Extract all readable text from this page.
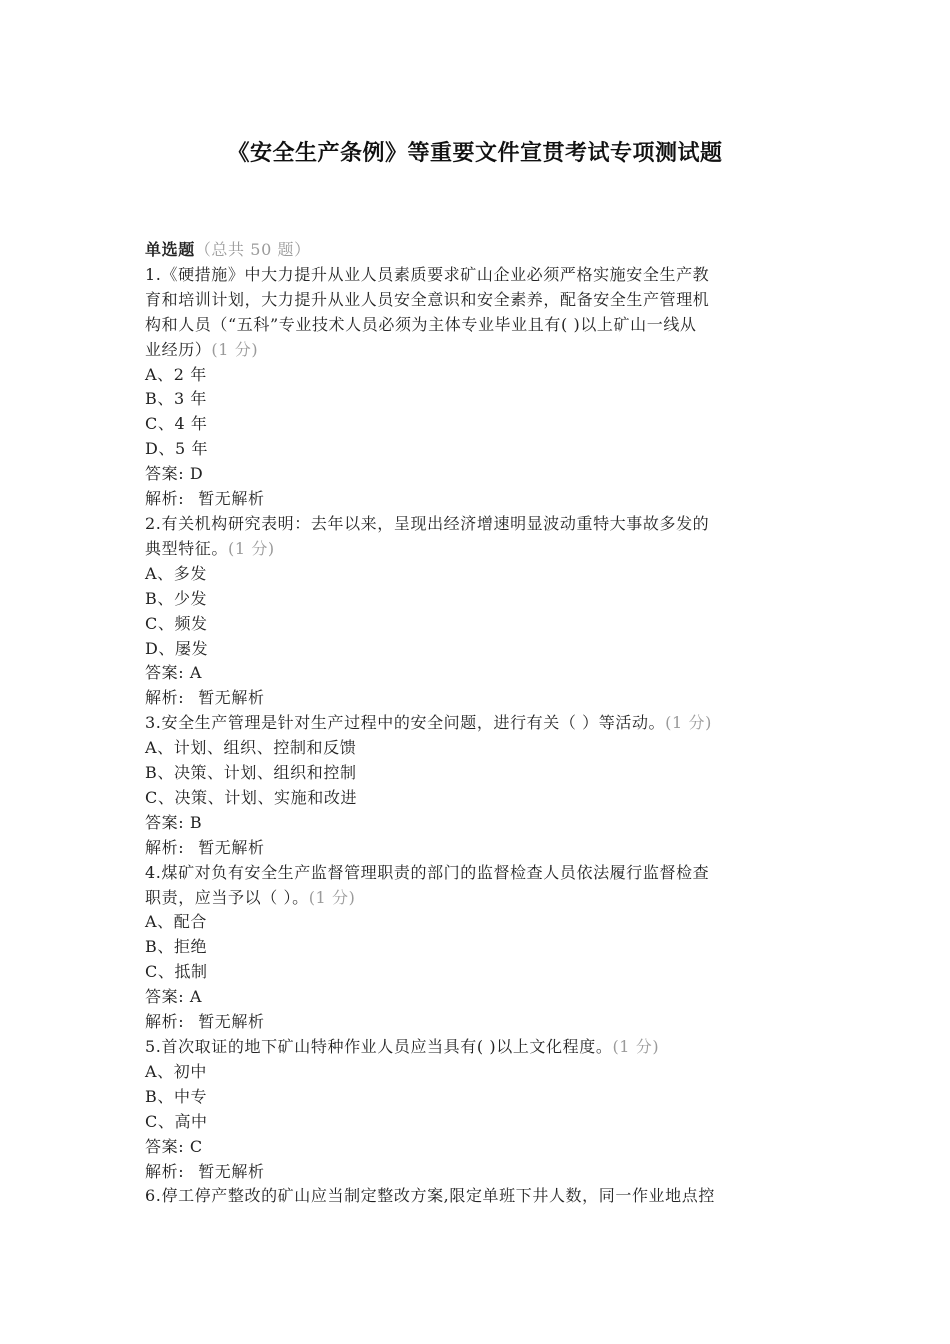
《安全生产条例》等重要文件宣贯考试专项测试题
单选题（总共 50 题）
1.《硬措施》中大力提升从业人员素质要求矿山企业必须严格实施安全生产教
育和培训计划，大力提升从业人员安全意识和安全素养，配备安全生产管理机
构和人员（“五科”专业技术人员必须为主体专业毕业且有( )以上矿山一线从
业经历）(1 分)
A、2 年
B、3 年
C、4 年
D、5 年
答案: D
解析: 暂无解析
2.有关机构研究表明：去年以来，呈现出经济增速明显波动重特大事故多发的
典型特征。(1 分)
A、多发
B、少发
C、频发
D、屡发
答案: A
解析: 暂无解析
3.安全生产管理是针对生产过程中的安全问题，进行有关（ ）等活动。(1 分)
A、计划、组织、控制和反馈
B、决策、计划、组织和控制
C、决策、计划、实施和改进
答案: B
解析: 暂无解析
4.煤矿对负有安全生产监督管理职责的部门的监督检查人员依法履行监督检查
职责，应当予以（ ）。(1 分)
A、配合
B、拒绝
C、抵制
答案: A
解析: 暂无解析
5.首次取证的地下矿山特种作业人员应当具有( )以上文化程度。(1 分)
A、初中
B、中专
C、高中
答案: C
解析: 暂无解析
6.停工停产整改的矿山应当制定整改方案,限定单班下井人数，同一作业地点控
